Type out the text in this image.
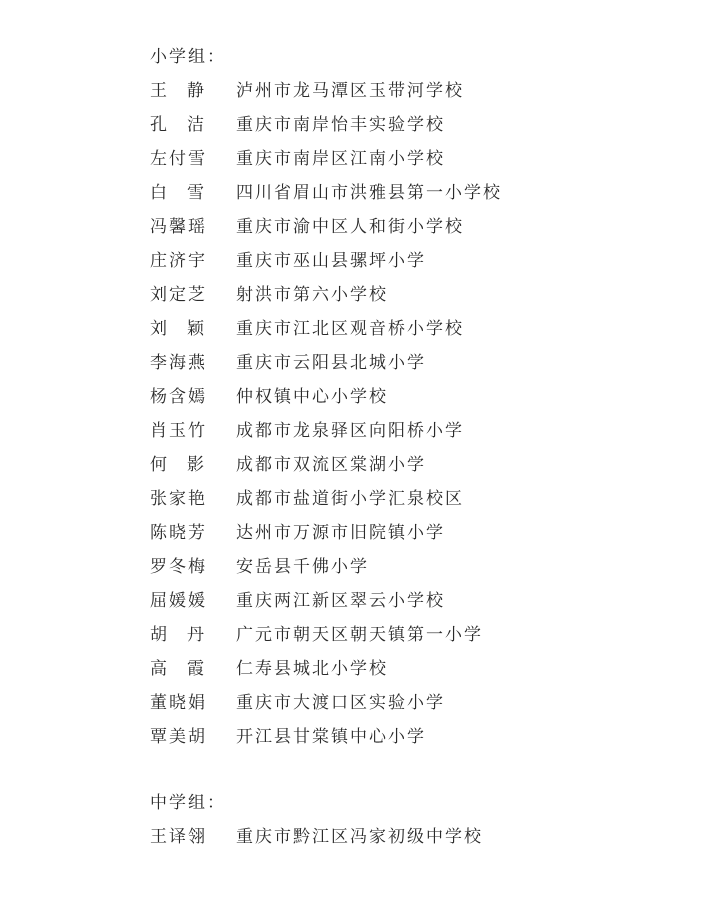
小学组：
王 静 泸州市龙马潭区玉带河学校
孔 洁 重庆市南岸怡丰实验学校
左付雪	重庆市南岸区江南小学校
白 雪 四川省眉山市洪雅县第一小学校
冯馨瑶	重庆市渝中区人和街小学校
庄济宇	重庆市巫山县骡坪小学
刘定芝	射洪市第六小学校
刘 颖 重庆市江北区观音桥小学校
李海燕	重庆市云阳县北城小学
杨含嫣	仲权镇中心小学校
肖玉竹	成都市龙泉驿区向阳桥小学
何 影 成都市双流区棠湖小学
张家艳	成都市盐道街小学汇泉校区
陈晓芳	达州市万源市旧院镇小学
罗冬梅	安岳县千佛小学
屈媛媛	重庆两江新区翠云小学校
胡 丹 广元市朝天区朝天镇第一小学
高 霞 仁寿县城北小学校
董晓娟	重庆市大渡口区实验小学
覃美胡	开江县甘棠镇中心小学
中学组：
王译翎	重庆市黔江区冯家初级中学校
